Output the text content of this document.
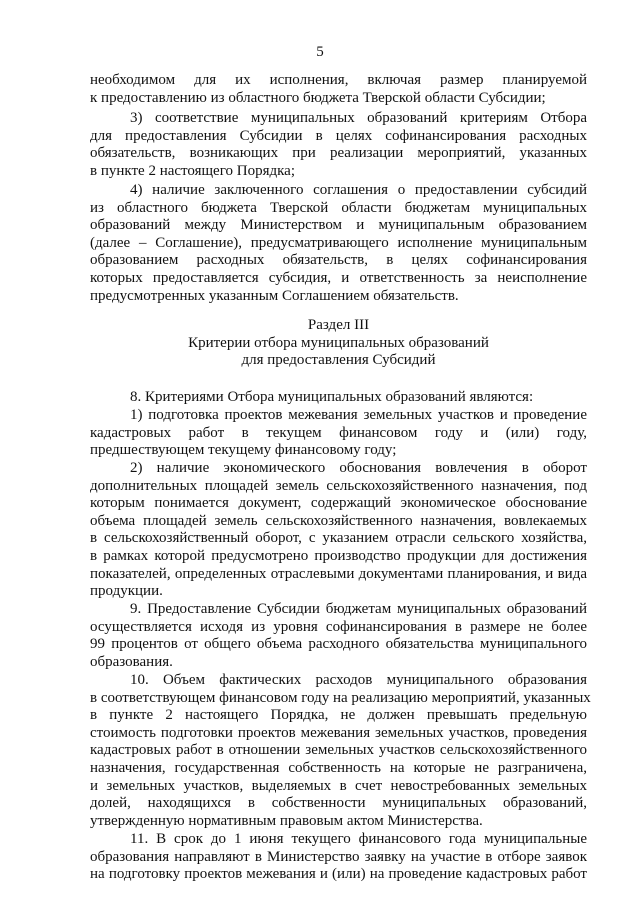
5
необходимом для их исполнения, включая размер планируемой
к предоставлению из областного бюджета Тверской области Субсидии;
3) соответствие муниципальных образований критериям Отбора
для предоставления Субсидии в целях софинансирования расходных
обязательств, возникающих при реализации мероприятий, указанных
в пункте 2 настоящего Порядка;
4) наличие заключенного соглашения о предоставлении субсидий
из областного бюджета Тверской области бюджетам муниципальных
образований между Министерством и муниципальным образованием
(далее – Соглашение), предусматривающего исполнение муниципальным
образованием расходных обязательств, в целях софинансирования
которых предоставляется субсидия, и ответственность за неисполнение
предусмотренных указанным Соглашением обязательств.
Раздел III
Критерии отбора муниципальных образований
для предоставления Субсидий
8. Критериями Отбора муниципальных образований являются:
1) подготовка проектов межевания земельных участков и проведение
кадастровых работ в текущем финансовом году и (или) году,
предшествующем текущему финансовому году;
2) наличие экономического обоснования вовлечения в оборот
дополнительных площадей земель сельскохозяйственного назначения, под
которым понимается документ, содержащий экономическое обоснование
объема площадей земель сельскохозяйственного назначения, вовлекаемых
в сельскохозяйственный оборот, с указанием отрасли сельского хозяйства,
в рамках которой предусмотрено производство продукции для достижения
показателей, определенных отраслевыми документами планирования, и вида
продукции.
9. Предоставление Субсидии бюджетам муниципальных образований
осуществляется исходя из уровня софинансирования в размере не более
99 процентов от общего объема расходного обязательства муниципального
образования.
10. Объем фактических расходов муниципального образования
в соответствующем финансовом году на реализацию мероприятий, указанных
в пункте 2 настоящего Порядка, не должен превышать предельную
стоимость подготовки проектов межевания земельных участков, проведения
кадастровых работ в отношении земельных участков сельскохозяйственного
назначения, государственная собственность на которые не разграничена,
и земельных участков, выделяемых в счет невостребованных земельных
долей, находящихся в собственности муниципальных образований,
утвержденную нормативным правовым актом Министерства.
11. В срок до 1 июня текущего финансового года муниципальные
образования направляют в Министерство заявку на участие в отборе заявок
на подготовку проектов межевания и (или) на проведение кадастровых работ
